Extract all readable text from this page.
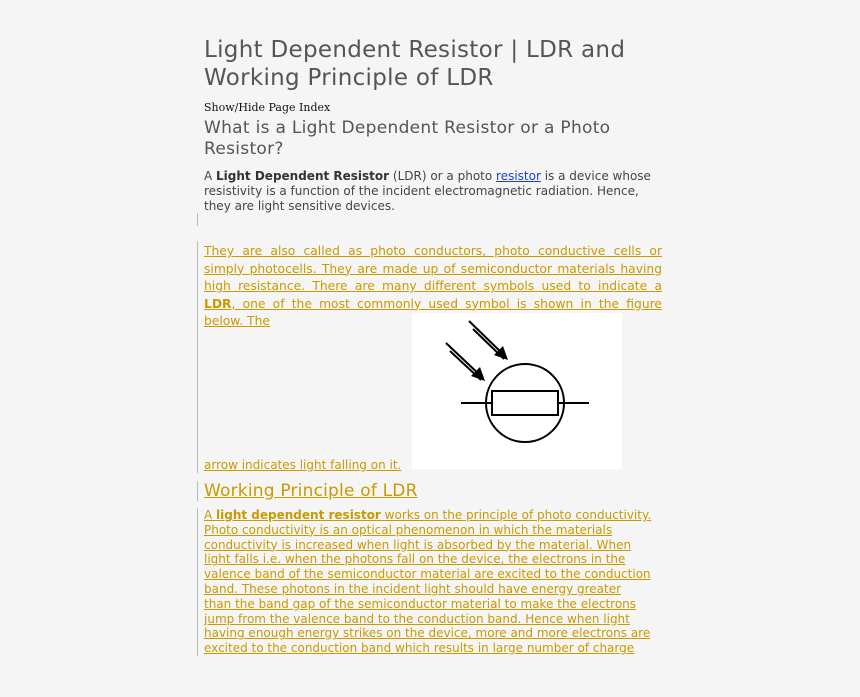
Light Dependent Resistor | LDR and Working Principle of LDR
Show/Hide Page Index
What is a Light Dependent Resistor or a Photo Resistor?
A Light Dependent Resistor (LDR) or a photo resistor is a device whose resistivity is a function of the incident electromagnetic radiation. Hence, they are light sensitive devices.
They are also called as photo conductors, photo conductive cells or simply photocells. They are made up of semiconductor materials having high resistance. There are many different symbols used to indicate a LDR, one of the most commonly used symbol is shown in the figure below. The
arrow indicates light falling on it.
Working Principle of LDR
A light dependent resistor works on the principle of photo conductivity.
Photo conductivity is an optical phenomenon in which the materials
conductivity is increased when light is absorbed by the material. When
light falls i.e. when the photons fall on the device, the electrons in the
valence band of the semiconductor material are excited to the conduction
band. These photons in the incident light should have energy greater
than the band gap of the semiconductor material to make the electrons
jump from the valence band to the conduction band. Hence when light
having enough energy strikes on the device, more and more electrons are
excited to the conduction band which results in large number of charge
